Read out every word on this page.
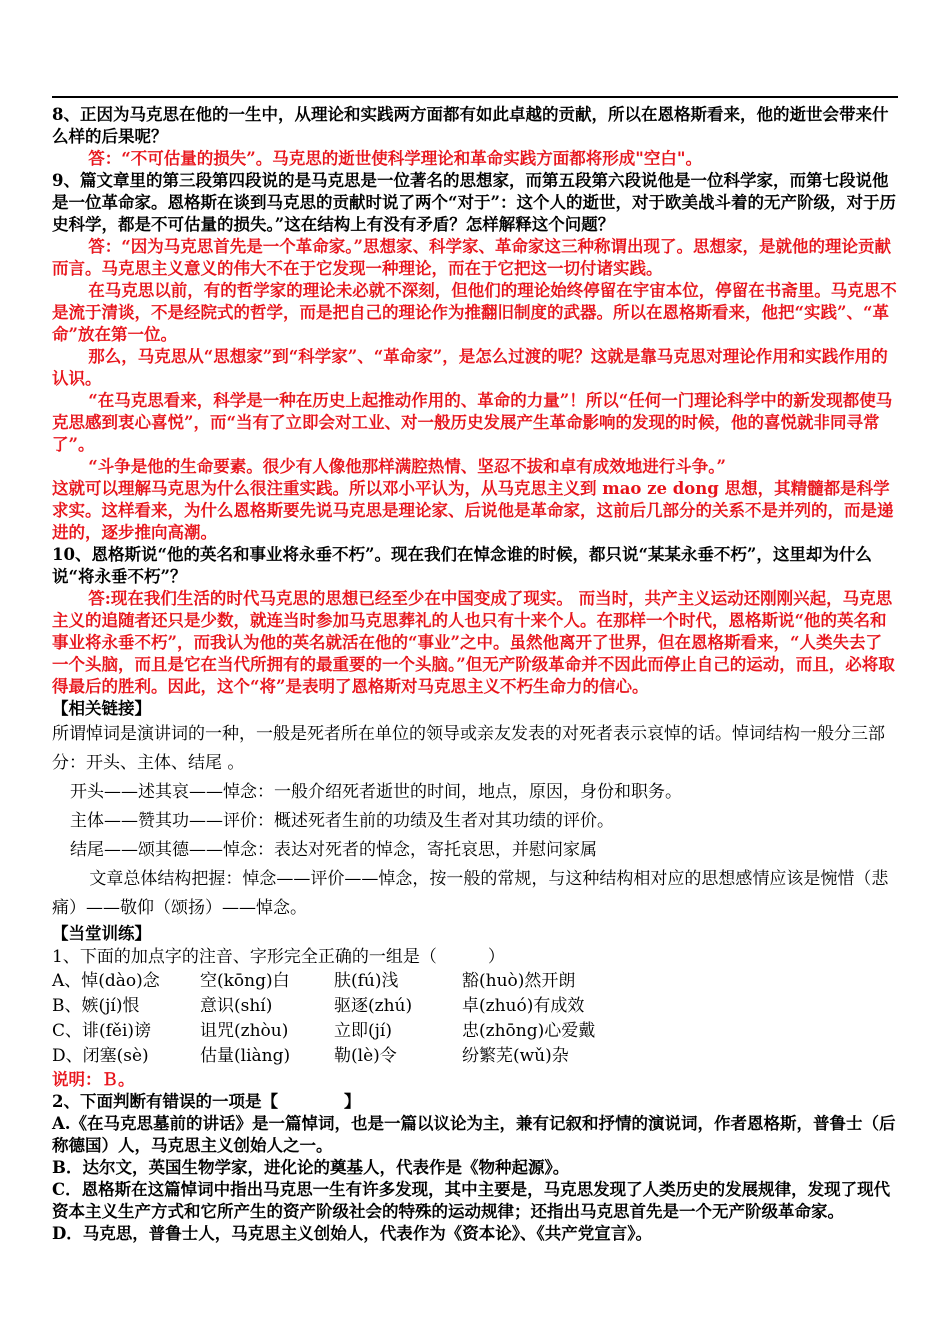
8、正因为马克思在他的一生中，从理论和实践两方面都有如此卓越的贡献，所以在恩格斯看来，他的逝世会带来什么样的后果呢？

答：“不可估量的损失”。马克思的逝世使科学理论和革命实践方面都将形成"空白"。

9、篇文章里的第三段第四段说的是马克思是一位著名的思想家，而第五段第六段说他是一位科学家，而第七段说他是一位革命家。恩格斯在谈到马克思的贡献时说了两个“对于”：这个人的逝世，对于欧美战斗着的无产阶级，对于历史科学，都是不可估量的损失。”这在结构上有没有矛盾？怎样解释这个问题？

答：“因为马克思首先是一个革命家。”思想家、科学家、革命家这三种称谓出现了。思想家，是就他的理论贡献而言。马克思主义意义的伟大不在于它发现一种理论，而在于它把这一切付诸实践。

在马克思以前，有的哲学家的理论未必就不深刻，但他们的理论始终停留在宇宙本位，停留在书斋里。马克思不是流于清谈，不是经院式的哲学，而是把自己的理论作为推翻旧制度的武器。所以在恩格斯看来，他把“实践”、“革命”放在第一位。

那么，马克思从“思想家”到“科学家”、“革命家”，是怎么过渡的呢？这就是靠马克思对理论作用和实践作用的认识。

“在马克思看来，科学是一种在历史上起推动作用的、革命的力量”！所以“任何一门理论科学中的新发现都使马克思感到衷心喜悦”，而“当有了立即会对工业、对一般历史发展产生革命影响的发现的时候，他的喜悦就非同寻常了”。

“斗争是他的生命要素。很少有人像他那样满腔热情、坚忍不拔和卓有成效地进行斗争。”

这就可以理解马克思为什么很注重实践。所以邓小平认为，从马克思主义到 mao ze dong 思想，其精髓都是科学求实。这样看来，为什么恩格斯要先说马克思是理论家、后说他是革命家，这前后几部分的关系不是并列的，而是递进的，逐步推向高潮。

10、恩格斯说“他的英名和事业将永垂不朽”。现在我们在悼念谁的时候，都只说“某某永垂不朽”，这里却为什么说“将永垂不朽”？

答:现在我们生活的时代马克思的思想已经至少在中国变成了现实。 而当时，共产主义运动还刚刚兴起，马克思主义的追随者还只是少数，就连当时参加马克思葬礼的人也只有十来个人。在那样一个时代，恩格斯说“他的英名和事业将永垂不朽”，而我认为他的英名就活在他的“事业”之中。虽然他离开了世界，但在恩格斯看来，“人类失去了一个头脑，而且是它在当代所拥有的最重要的一个头脑。”但无产阶级革命并不因此而停止自己的运动，而且，必将取得最后的胜利。因此，这个“将”是表明了恩格斯对马克思主义不朽生命力的信心。

【相关链接】

所谓悼词是演讲词的一种，一般是死者所在单位的领导或亲友发表的对死者表示哀悼的话。悼词结构一般分三部分：开头、主体、结尾 。

开头——述其哀——悼念：一般介绍死者逝世的时间，地点，原因，身份和职务。

主体——赞其功——评价：概述死者生前的功绩及生者对其功绩的评价。

结尾——颂其德——悼念：表达对死者的悼念，寄托哀思，并慰问家属

文章总体结构把握：悼念——评价——悼念，按一般的常规，与这种结构相对应的思想感情应该是惋惜（悲痛）——敬仰（颂扬）——悼念。

【当堂训练】

1、下面的加点字的注音、字形完全正确的一组是（　　　）

A、悼(dào)念	空(kōng)白	肤(fú)浅	豁(huò)然开朗
B、嫉(jí)恨	意识(shí)	驱逐(zhú)	卓(zhuó)有成效
C、诽(fěi)谤	诅咒(zhòu)	立即(jí)	忠(zhōng)心爱戴
D、闭塞(sè)	估量(liàng)	勒(lè)令	纷繁芜(wǔ)杂

说明：Ｂ。

2、下面判断有错误的一项是【　　　　】

A.《在马克思墓前的讲话》是一篇悼词，也是一篇以议论为主，兼有记叙和抒情的演说词，作者恩格斯，普鲁士（后称德国）人，马克思主义创始人之一。

B．达尔文，英国生物学家，进化论的奠基人，代表作是《物种起源》。

C．恩格斯在这篇悼词中指出马克思一生有许多发现，其中主要是，马克思发现了人类历史的发展规律，发现了现代资本主义生产方式和它所产生的资产阶级社会的特殊的运动规律；还指出马克思首先是一个无产阶级革命家。

D．马克思，普鲁士人，马克思主义创始人，代表作为《资本论》、《共产党宣言》。
